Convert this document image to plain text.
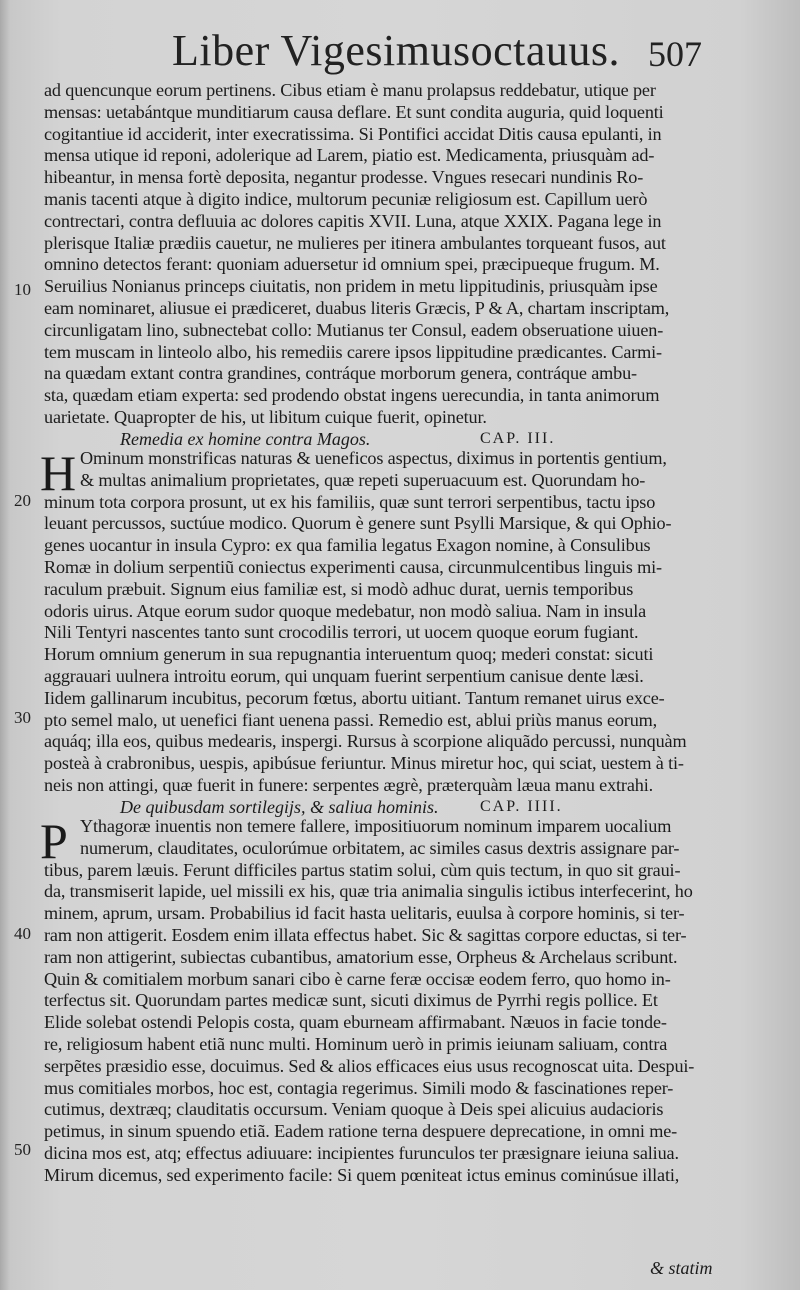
Liber Vigesimusoctauus. 507
ad quencunque eorum pertinens. Cibus etiam è manu prolapsus reddebatur, utique per
mensas: uetabántque munditiarum causa deflare. Et sunt condita auguria, quid loquenti
cogitantiue id acciderit, inter execratissima. Si Pontifici accidat Ditis causa epulanti, in
mensa utique id reponi, adolerique ad Larem, piatio est. Medicamenta, priusquàm ad-
hibeantur, in mensa fortè deposita, negantur prodesse. Vngues resecari nundinis Ro-
manis tacenti atque à digito indice, multorum pecuniæ religiosum est. Capillum uerò
contrectari, contra defluuia ac dolores capitis XVII. Luna, atque XXIX. Pagana lege in
plerisque Italiæ prædiis cauetur, ne mulieres per itinera ambulantes torqueant fusos, aut
omnino detectos ferant: quoniam aduersetur id omnium spei, præcipueque frugum. M.
Seruilius Nonianus princeps ciuitatis, non pridem in metu lippitudinis, priusquàm ipse
eam nominaret, aliusue ei prædiceret, duabus literis Græcis, P & A, chartam inscriptam,
circunligatam lino, subnectebat collo: Mutianus ter Consul, eadem obseruatione uiuen-
tem muscam in linteolo albo, his remediis carere ipsos lippitudine prædicantes. Carmi-
na quædam extant contra grandines, contráque morborum genera, contráque ambu-
sta, quædam etiam experta: sed prodendo obstat ingens uerecundia, in tanta animorum
uarietate. Quapropter de his, ut libitum cuique fuerit, opinetur.
Remedia ex homine contra Magos.	CAP. III.
H Ominum monstrificas naturas & ueneficos aspectus, diximus in portentis gentium,
& multas animalium proprietates, quæ repeti superuacuum est. Quorundam ho-
minum tota corpora prosunt, ut ex his familiis, quæ sunt terrori serpentibus, tactu ipso
leuant percussos, suctúue modico. Quorum è genere sunt Psylli Marsique, & qui Ophio-
genes uocantur in insula Cypro: ex qua familia legatus Exagon nomine, à Consulibus
Romæ in dolium serpentiũ coniectus experimenti causa, circunmulcentibus linguis mi-
raculum præbuit. Signum eius familiæ est, si modò adhuc durat, uernis temporibus
odoris uirus. Atque eorum sudor quoque medebatur, non modò saliua. Nam in insula
Nili Tentyri nascentes tanto sunt crocodilis terrori, ut uocem quoque eorum fugiant.
Horum omnium generum in sua repugnantia interuentum quoq; mederi constat: sicuti
aggrauari uulnera introitu eorum, qui unquam fuerint serpentium canisue dente læsi.
Iidem gallinarum incubitus, pecorum fœtus, abortu uitiant. Tantum remanet uirus exce-
pto semel malo, ut uenefici fiant uenena passi. Remedio est, ablui priùs manus eorum,
aquáq; illa eos, quibus medearis, inspergi. Rursus à scorpione aliquãdo percussi, nunquàm
posteà à crabronibus, uespis, apibúsue feriuntur. Minus miretur hoc, qui sciat, uestem à ti-
neis non attingi, quæ fuerit in funere: serpentes ægrè, præterquàm læua manu extrahi.
De quibusdam sortilegijs, & saliua hominis.	CAP. IIII.
P Ythagoræ inuentis non temere fallere, impositiuorum nominum imparem uocalium
numerum, clauditates, oculorúmue orbitatem, ac similes casus dextris assignare par-
tibus, parem læuis. Ferunt difficiles partus statim solui, cùm quis tectum, in quo sit graui-
da, transmiserit lapide, uel missili ex his, quæ tria animalia singulis ictibus interfecerint, ho
minem, aprum, ursam. Probabilius id facit hasta uelitaris, euulsa à corpore hominis, si ter-
ram non attigerit. Eosdem enim illata effectus habet. Sic & sagittas corpore eductas, si ter-
ram non attigerint, subiectas cubantibus, amatorium esse, Orpheus & Archelaus scribunt.
Quin & comitialem morbum sanari cibo è carne feræ occisæ eodem ferro, quo homo in-
terfectus sit. Quorundam partes medicæ sunt, sicuti diximus de Pyrrhi regis pollice. Et
Elide solebat ostendi Pelopis costa, quam eburneam affirmabant. Næuos in facie tonde-
re, religiosum habent etiã nunc multi. Hominum uerò in primis ieiunam saliuam, contra
serpẽtes præsidio esse, docuimus. Sed & alios efficaces eius usus recognoscat uita. Despui-
mus comitiales morbos, hoc est, contagia regerimus. Simili modo & fascinationes reper-
cutimus, dextræq; clauditatis occursum. Veniam quoque à Deis spei alicuius audacioris
petimus, in sinum spuendo etiã. Eadem ratione terna despuere deprecatione, in omni me-
dicina mos est, atq; effectus adiuuare: incipientes furunculos ter præsignare ieiuna saliua.
Mirum dicemus, sed experimento facile: Si quem pœniteat ictus eminus cominúsue illati,
& statim
10
20
30
40
50
